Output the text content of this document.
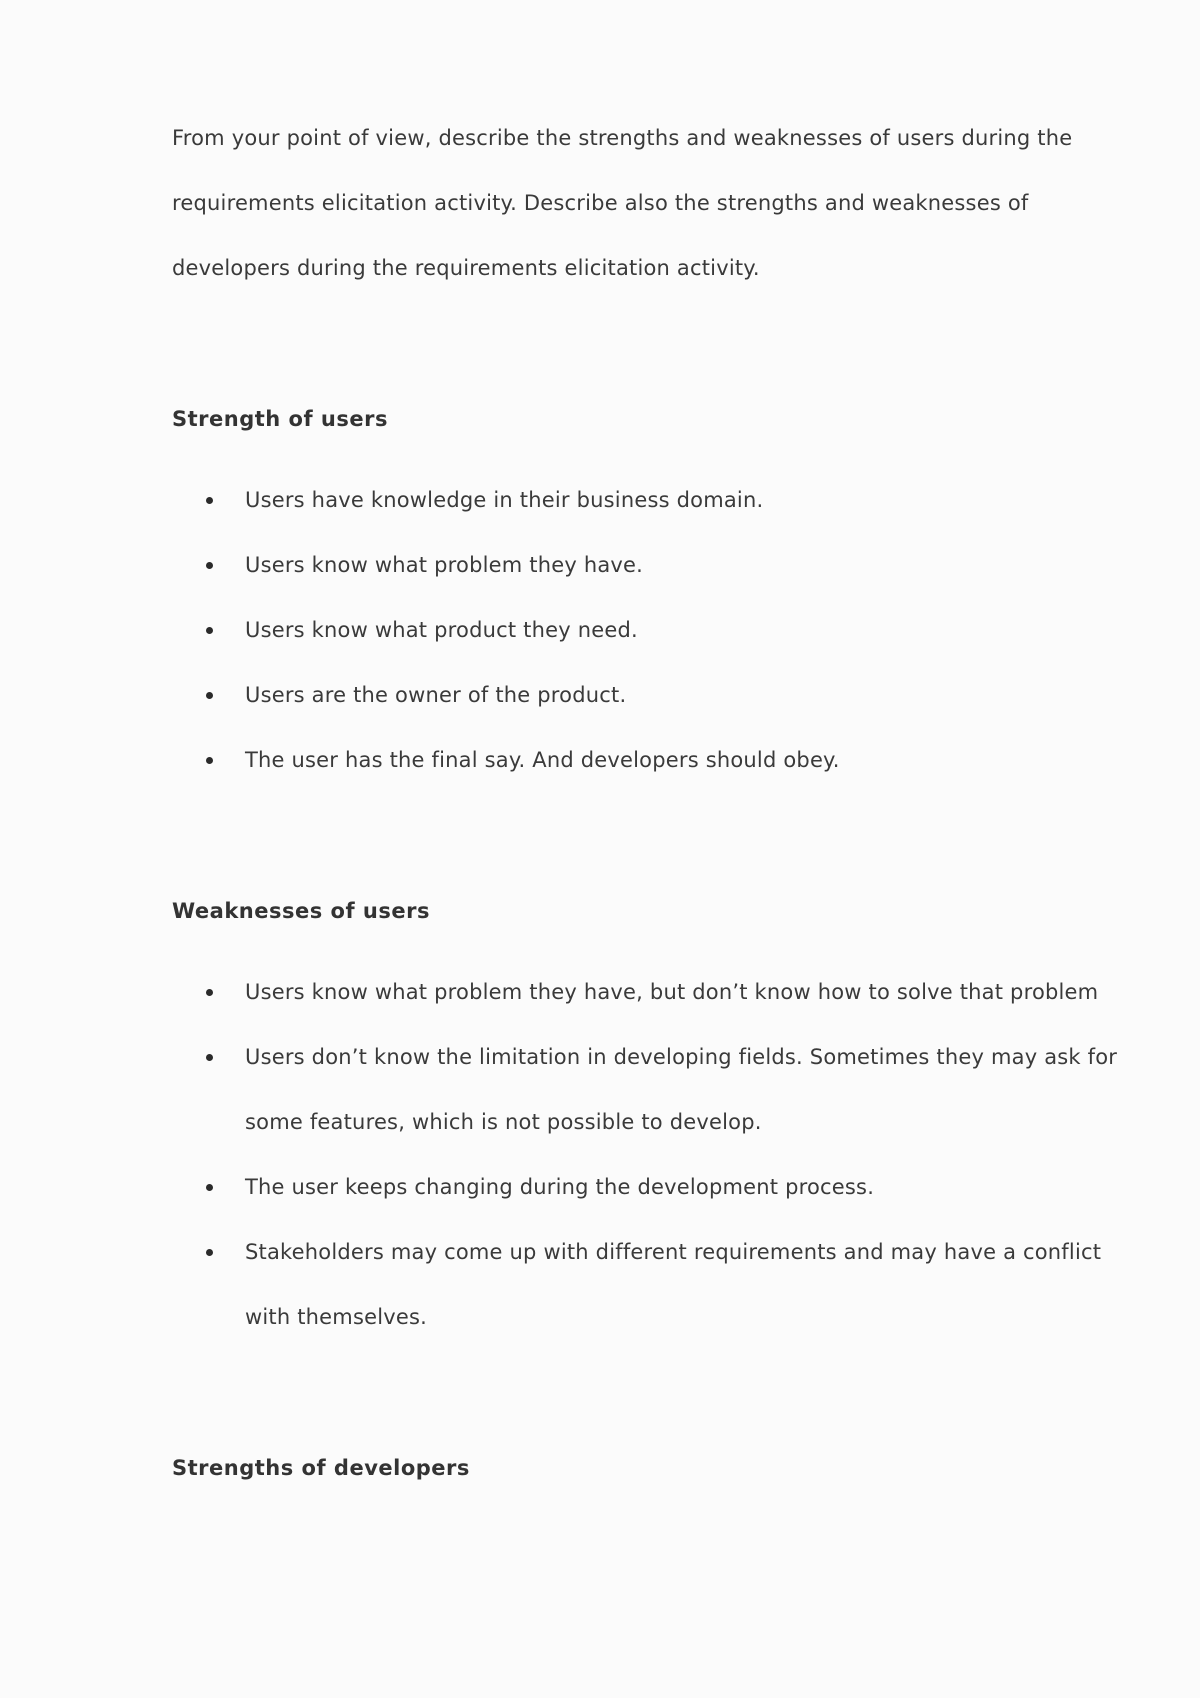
From your point of view, describe the strengths and weaknesses of users during the requirements elicitation activity. Describe also the strengths and weaknesses of developers during the requirements elicitation activity.

Strength of users
Users have knowledge in their business domain.
Users know what problem they have.
Users know what product they need.
Users are the owner of the product.
The user has the final say. And developers should obey.
Weaknesses of users
Users know what problem they have, but don’t know how to solve that problem
Users don’t know the limitation in developing fields. Sometimes they may ask for some features, which is not possible to develop.
The user keeps changing during the development process.
Stakeholders may come up with different requirements and may have a conflict with themselves.
Strengths of developers
